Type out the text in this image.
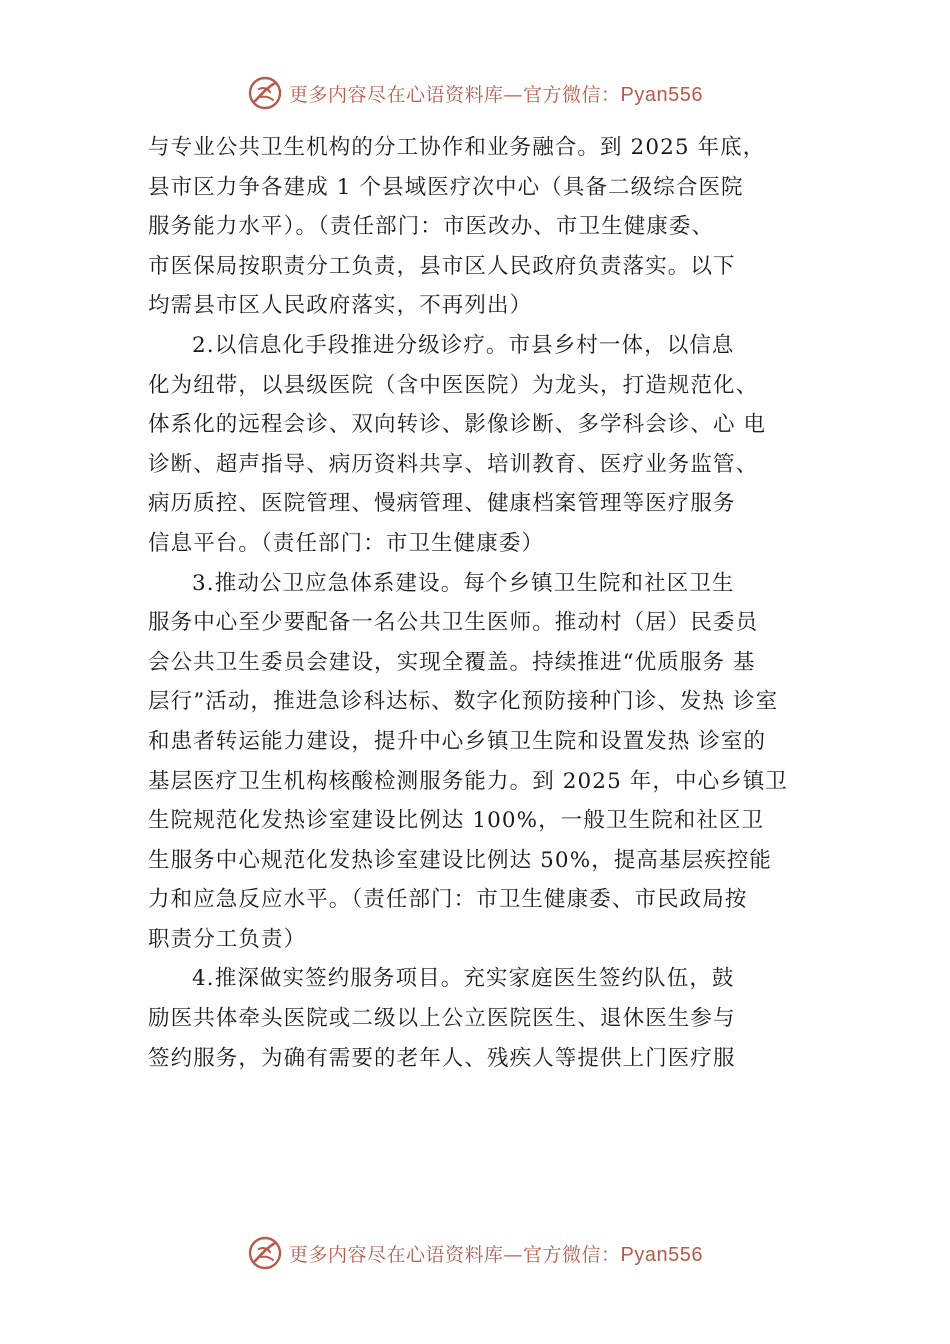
更多内容尽在心语资料库—官方微信：Pyan556
与专业公共卫生机构的分工协作和业务融合。到 2025 年底，
县市区力争各建成 1 个县域医疗次中心（具备二级综合医院
服务能力水平）。（责任部门：市医改办、市卫生健康委、
市医保局按职责分工负责，县市区人民政府负责落实。以下
均需县市区人民政府落实，不再列出）
2.以信息化手段推进分级诊疗。市县乡村一体，以信息
化为纽带，以县级医院（含中医医院）为龙头，打造规范化、
体系化的远程会诊、双向转诊、影像诊断、多学科会诊、心 电
诊断、超声指导、病历资料共享、培训教育、医疗业务监管、
病历质控、医院管理、慢病管理、健康档案管理等医疗服务
信息平台。（责任部门：市卫生健康委）
3.推动公卫应急体系建设。每个乡镇卫生院和社区卫生
服务中心至少要配备一名公共卫生医师。推动村（居）民委员
会公共卫生委员会建设，实现全覆盖。持续推进“优质服务 基
层行”活动，推进急诊科达标、数字化预防接种门诊、发热 诊室
和患者转运能力建设，提升中心乡镇卫生院和设置发热 诊室的
基层医疗卫生机构核酸检测服务能力。到 2025 年，中心乡镇卫
生院规范化发热诊室建设比例达 100%，一般卫生院和社区卫
生服务中心规范化发热诊室建设比例达 50%，提高基层疾控能
力和应急反应水平。（责任部门：市卫生健康委、市民政局按
职责分工负责）
4.推深做实签约服务项目。充实家庭医生签约队伍，鼓
励医共体牵头医院或二级以上公立医院医生、退休医生参与
签约服务，为确有需要的老年人、残疾人等提供上门医疗服
更多内容尽在心语资料库—官方微信：Pyan556
